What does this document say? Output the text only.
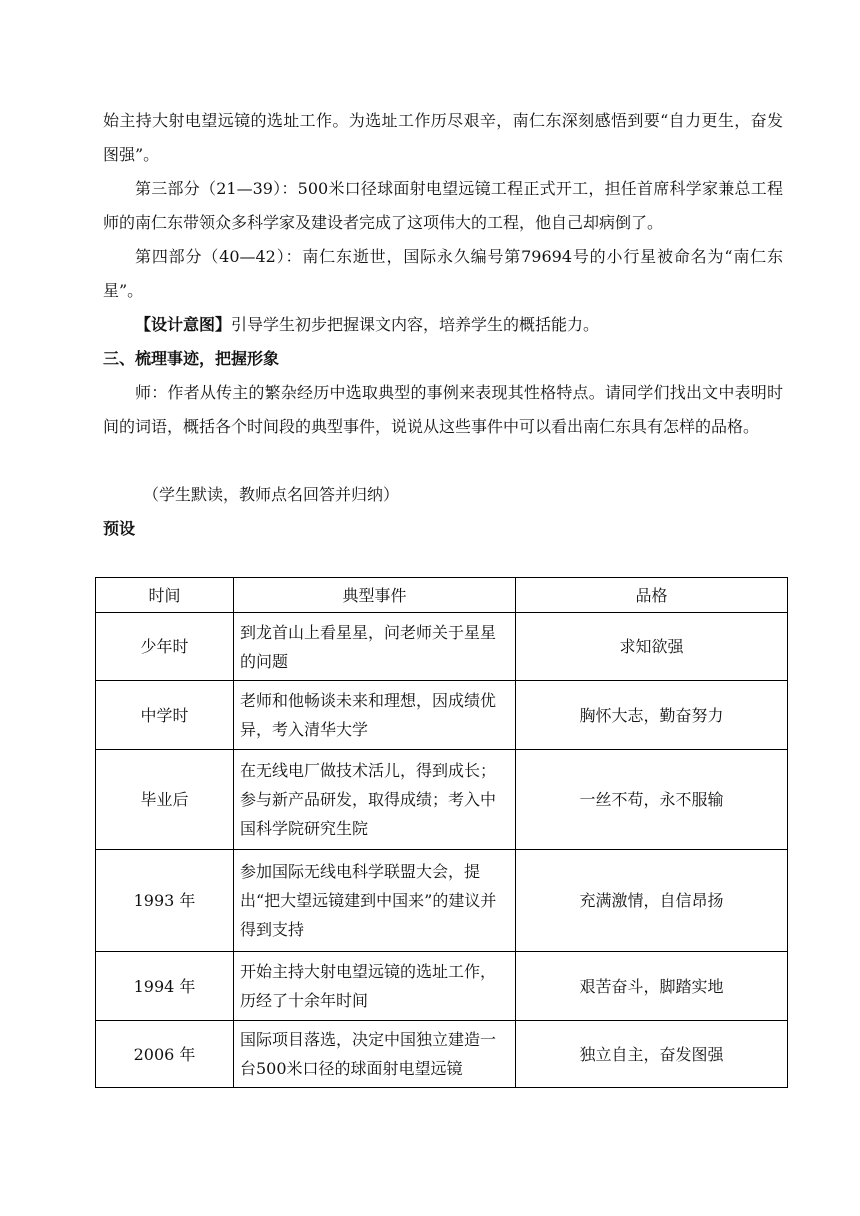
始主持大射电望远镜的选址工作。为选址工作历尽艰辛，南仁东深刻感悟到要“自力更生，奋发图强”。

第三部分（21—39）：500米口径球面射电望远镜工程正式开工，担任首席科学家兼总工程师的南仁东带领众多科学家及建设者完成了这项伟大的工程，他自己却病倒了。

第四部分（40—42）：南仁东逝世，国际永久编号第79694号的小行星被命名为“南仁东星”。

【设计意图】引导学生初步把握课文内容，培养学生的概括能力。

三、梳理事迹，把握形象

师：作者从传主的繁杂经历中选取典型的事例来表现其性格特点。请同学们找出文中表明时间的词语，概括各个时间段的典型事件，说说从这些事件中可以看出南仁东具有怎样的品格。

（学生默读，教师点名回答并归纳）

预设

时间	典型事件	品格
少年时	到龙首山上看星星，问老师关于星星的问题	求知欲强
中学时	老师和他畅谈未来和理想，因成绩优异，考入清华大学	胸怀大志，勤奋努力
毕业后	在无线电厂做技术活儿，得到成长；参与新产品研发，取得成绩；考入中国科学院研究生院	一丝不苟，永不服输
1993 年	参加国际无线电科学联盟大会，提出“把大望远镜建到中国来”的建议并得到支持	充满激情，自信昂扬
1994 年	开始主持大射电望远镜的选址工作，历经了十余年时间	艰苦奋斗，脚踏实地
2006 年	国际项目落选，决定中国独立建造一台500米口径的球面射电望远镜	独立自主，奋发图强
